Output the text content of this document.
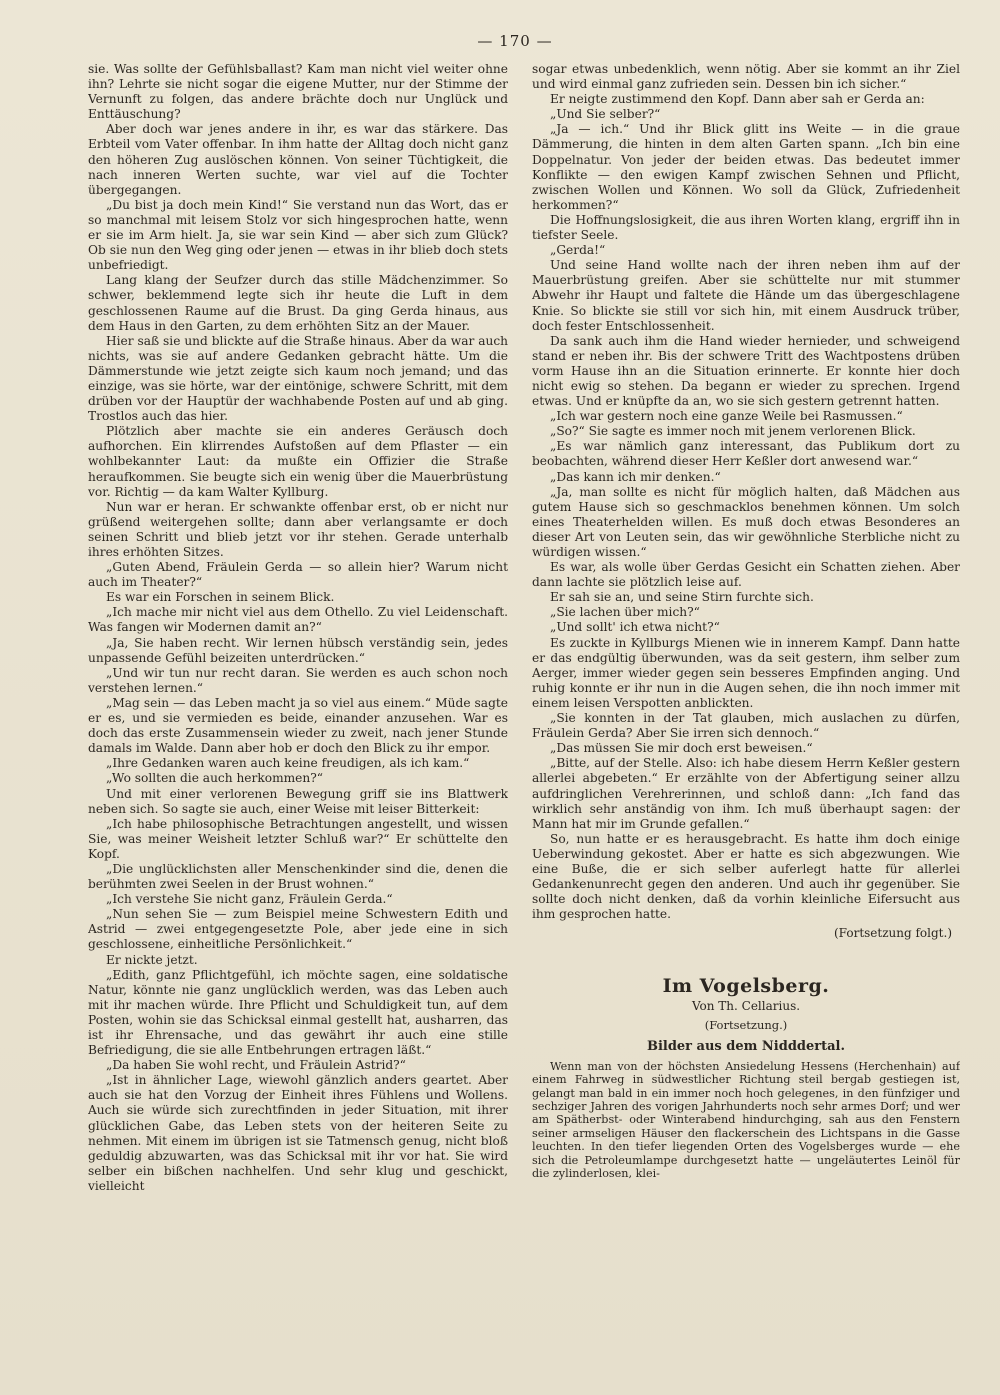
— 170 —

sie. Was sollte der Gefühlsballast? Kam man nicht viel weiter ohne ihn? Lehrte sie nicht sogar die eigene Mutter, nur der Stimme der Vernunft zu folgen, das andere brächte doch nur Unglück und Enttäuschung?

Aber doch war jenes andere in ihr, es war das stärkere. Das Erbteil vom Vater offenbar. In ihm hatte der Alltag doch nicht ganz den höheren Zug auslöschen können. Von seiner Tüchtigkeit, die nach inneren Werten suchte, war viel auf die Tochter übergegangen.

„Du bist ja doch mein Kind!“ Sie verstand nun das Wort, das er so manchmal mit leisem Stolz vor sich hingesprochen hatte, wenn er sie im Arm hielt. Ja, sie war sein Kind — aber sich zum Glück? Ob sie nun den Weg ging oder jenen — etwas in ihr blieb doch stets unbefriedigt.

Lang klang der Seufzer durch das stille Mädchenzimmer. So schwer, beklemmend legte sich ihr heute die Luft in dem geschlossenen Raume auf die Brust. Da ging Gerda hinaus, aus dem Haus in den Garten, zu dem erhöhten Sitz an der Mauer.

Hier saß sie und blickte auf die Straße hinaus. Aber da war auch nichts, was sie auf andere Gedanken gebracht hätte. Um die Dämmerstunde wie jetzt zeigte sich kaum noch jemand; und das einzige, was sie hörte, war der eintönige, schwere Schritt, mit dem drüben vor der Hauptür der wachhabende Posten auf und ab ging. Trostlos auch das hier.

Plötzlich aber machte sie ein anderes Geräusch doch aufhorchen. Ein klirrendes Aufstoßen auf dem Pflaster — ein wohlbekannter Laut: da mußte ein Offizier die Straße heraufkommen. Sie beugte sich ein wenig über die Mauerbrüstung vor. Richtig — da kam Walter Kyllburg.

Nun war er heran. Er schwankte offenbar erst, ob er nicht nur grüßend weitergehen sollte; dann aber verlangsamte er doch seinen Schritt und blieb jetzt vor ihr stehen. Gerade unterhalb ihres erhöhten Sitzes.

„Guten Abend, Fräulein Gerda — so allein hier? Warum nicht auch im Theater?“

Es war ein Forschen in seinem Blick.

„Ich mache mir nicht viel aus dem Othello. Zu viel Leidenschaft. Was fangen wir Modernen damit an?“

„Ja, Sie haben recht. Wir lernen hübsch verständig sein, jedes unpassende Gefühl beizeiten unterdrücken.“

„Und wir tun nur recht daran. Sie werden es auch schon noch verstehen lernen.“

„Mag sein — das Leben macht ja so viel aus einem.“ Müde sagte er es, und sie vermieden es beide, einander anzusehen. War es doch das erste Zusammensein wieder zu zweit, nach jener Stunde damals im Walde. Dann aber hob er doch den Blick zu ihr empor.

„Ihre Gedanken waren auch keine freudigen, als ich kam.“

„Wo sollten die auch herkommen?“

Und mit einer verlorenen Bewegung griff sie ins Blattwerk neben sich. So sagte sie auch, einer Weise mit leiser Bitterkeit:

„Ich habe philosophische Betrachtungen angestellt, und wissen Sie, was meiner Weisheit letzter Schluß war?“ Er schüttelte den Kopf.

„Die unglücklichsten aller Menschenkinder sind die, denen die berühmten zwei Seelen in der Brust wohnen.“

„Ich verstehe Sie nicht ganz, Fräulein Gerda.“

„Nun sehen Sie — zum Beispiel meine Schwestern Edith und Astrid — zwei entgegengesetzte Pole, aber jede eine in sich geschlossene, einheitliche Persönlichkeit.“

Er nickte jetzt.

„Edith, ganz Pflichtgefühl, ich möchte sagen, eine soldatische Natur, könnte nie ganz unglücklich werden, was das Leben auch mit ihr machen würde. Ihre Pflicht und Schuldigkeit tun, auf dem Posten, wohin sie das Schicksal einmal gestellt hat, ausharren, das ist ihr Ehrensache, und das gewährt ihr auch eine stille Befriedigung, die sie alle Entbehrungen ertragen läßt.“

„Da haben Sie wohl recht, und Fräulein Astrid?“

„Ist in ähnlicher Lage, wiewohl gänzlich anders geartet. Aber auch sie hat den Vorzug der Einheit ihres Fühlens und Wollens. Auch sie würde sich zurechtfinden in jeder Situation, mit ihrer glücklichen Gabe, das Leben stets von der heiteren Seite zu nehmen. Mit einem im übrigen ist sie Tatmensch genug, nicht bloß geduldig abzuwarten, was das Schicksal mit ihr vor hat. Sie wird selber ein bißchen nachhelfen. Und sehr klug und geschickt, vielleicht

sogar etwas unbedenklich, wenn nötig. Aber sie kommt an ihr Ziel und wird einmal ganz zufrieden sein. Dessen bin ich sicher.“

Er neigte zustimmend den Kopf. Dann aber sah er Gerda an:

„Und Sie selber?“

„Ja — ich.“ Und ihr Blick glitt ins Weite — in die graue Dämmerung, die hinten in dem alten Garten spann. „Ich bin eine Doppelnatur. Von jeder der beiden etwas. Das bedeutet immer Konflikte — den ewigen Kampf zwischen Sehnen und Pflicht, zwischen Wollen und Können. Wo soll da Glück, Zufriedenheit herkommen?“

Die Hoffnungslosigkeit, die aus ihren Worten klang, ergriff ihn in tiefster Seele.

„Gerda!“

Und seine Hand wollte nach der ihren neben ihm auf der Mauerbrüstung greifen. Aber sie schüttelte nur mit stummer Abwehr ihr Haupt und faltete die Hände um das übergeschlagene Knie. So blickte sie still vor sich hin, mit einem Ausdruck trüber, doch fester Entschlossenheit.

Da sank auch ihm die Hand wieder hernieder, und schweigend stand er neben ihr. Bis der schwere Tritt des Wachtpostens drüben vorm Hause ihn an die Situation erinnerte. Er konnte hier doch nicht ewig so stehen. Da begann er wieder zu sprechen. Irgend etwas. Und er knüpfte da an, wo sie sich gestern getrennt hatten.

„Ich war gestern noch eine ganze Weile bei Rasmussen.“

„So?“ Sie sagte es immer noch mit jenem verlorenen Blick.

„Es war nämlich ganz interessant, das Publikum dort zu beobachten, während dieser Herr Keßler dort anwesend war.“

„Das kann ich mir denken.“

„Ja, man sollte es nicht für möglich halten, daß Mädchen aus gutem Hause sich so geschmacklos benehmen können. Um solch eines Theaterhelden willen. Es muß doch etwas Besonderes an dieser Art von Leuten sein, das wir gewöhnliche Sterbliche nicht zu würdigen wissen.“

Es war, als wolle über Gerdas Gesicht ein Schatten ziehen. Aber dann lachte sie plötzlich leise auf.

Er sah sie an, und seine Stirn furchte sich.

„Sie lachen über mich?“

„Und sollt' ich etwa nicht?“

Es zuckte in Kyllburgs Mienen wie in innerem Kampf. Dann hatte er das endgültig überwunden, was da seit gestern, ihm selber zum Aerger, immer wieder gegen sein besseres Empfinden anging. Und ruhig konnte er ihr nun in die Augen sehen, die ihn noch immer mit einem leisen Verspotten anblickten.

„Sie konnten in der Tat glauben, mich auslachen zu dürfen, Fräulein Gerda? Aber Sie irren sich dennoch.“

„Das müssen Sie mir doch erst beweisen.“

„Bitte, auf der Stelle. Also: ich habe diesem Herrn Keßler gestern allerlei abgebeten.“ Er erzählte von der Abfertigung seiner allzu aufdringlichen Verehrerinnen, und schloß dann: „Ich fand das wirklich sehr anständig von ihm. Ich muß überhaupt sagen: der Mann hat mir im Grunde gefallen.“

So, nun hatte er es herausgebracht. Es hatte ihm doch einige Ueberwindung gekostet. Aber er hatte es sich abgezwungen. Wie eine Buße, die er sich selber auferlegt hatte für allerlei Gedankenunrecht gegen den anderen. Und auch ihr gegenüber. Sie sollte doch nicht denken, daß da vorhin kleinliche Eifersucht aus ihm gesprochen hatte.

(Fortsetzung folgt.)
Im Vogelsberg.
Von Th. Cellarius.
(Fortsetzung.)
Bilder aus dem Nidddertal.

Wenn man von der höchsten Ansiedelung Hessens (Herchenhain) auf einem Fahrweg in südwestlicher Richtung steil bergab gestiegen ist, gelangt man bald in ein immer noch hoch gelegenes, in den fünfziger und sechziger Jahren des vorigen Jahrhunderts noch sehr armes Dorf; und wer am Spätherbst- oder Winterabend hindurchging, sah aus den Fenstern seiner armseligen Häuser den flackerschein des Lichtspans in die Gasse leuchten. In den tiefer liegenden Orten des Vogelsberges wurde — ehe sich die Petroleumlampe durchgesetzt hatte — ungeläutertes Leinöl für die zylinderlosen, klei-
